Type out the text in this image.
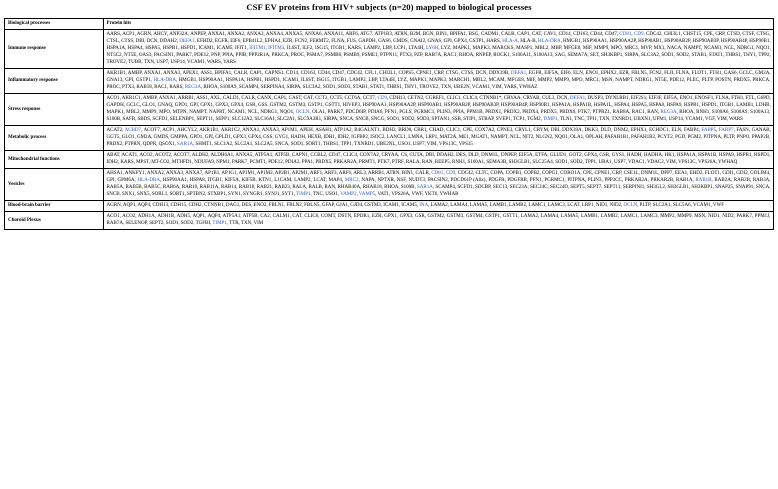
CSF EV proteins from HIV+ subjects (n=20) mapped to biological processes
Biological processes	Protein hits
Immune response	AARS, ACP1, AGRN, AHCY, ANP32A, ANPEP, ANXA1, ANXA2, ANXA3, ANXA4, ANXA5, ANXA6, ANXA11, ARF6, ATG7, ATP1B3, ATRN, B2M, BGN, BIN1, BPIFA1, BSG, CADM1, CALR, CAP1, CAT, CAV1, CD14, CD163, CD44, CD47, CD81, CD9, CDC42, CHI3L1, CHST15, CPE, CRP, CTSD, CTSF, CTSG, CTSL, CTSS, DBI, DCN, DDAH2, DEFA1, EFHD2, EGFR, EIF6, EPB41L2, EPHA4, EZR, FCN2, FERMT2, FLNA, FUS, GAPDH, GAS6, GMDS, GNAI2, GNAS, GPI, GPX4, GSTP1, HARS, HLA-A, HLA-B, HLA-DRA, HMGB1, HSP90AA1, HSP90AA2P, HSP90AB1, HSP90AB2P, HSP90AB3P, HSP90AB4P, HSP90B1, HSPA1A, HSPA4, HSPA5, HSPB1, HSPD1, ICAM1, ICAM5, IFIT1, IFITM1, IFITM3, IL6ST, ILF2, ISG15, ITGB1, KARS, LAMP2, LBP, LCP1, LTA4H, LY6H, LYZ, MAPK1, MAPK3, MARCKS, MASP1, MBL2, MBP, MFGE8, MIF, MMP9, MPO, MRC1, MVP, MX1, NACA, NAMPT, NCAM1, NCL, NDRG1, NQO1, NT5C2, NT5E, OAS3, PACSIN1, PARK7, PDE12, PNP, PPIA, PPIB, PPP2R1A, PRKCA, PROC, PSMA7, PSMB8, PSMB9, PSME1, PTPN11, PTX3, PZP, RAB7A, RAC1, RHOA, RNPEP, ROCK1, S100A11, S100A13, SAG, SEMA7A, SET, SH3KBP1, SIRPA, SLC3A2, SOD1, SOD2, STAB1, STAT1, THBS1, THY1, TPP2, TROVE2, TUBB, TXN, USP7, USP14, VCAM1, WARS, YARS

Inflammatory response	AKR1B1, AMBP, ANXA1, ANXA3, APEX1, ASS1, BPIFA1, CALR, CAP1, CAPNS1, CD14, CD163, CD44, CD47, CDC42, CFL1, CHI3L1, COPS5, CPNE1, CRP, CTSG, CTSS, DCN, DDX39B, DEFA1, EGFR, EIF5A, EIF6, ELN, ENO1, EPHX2, EZR, FBLN5, FCN2, FLII, FLNA, FLOT1, FTH1, GAS6, GCLC, GM2A, GNA13, GPI, GSTP1, HLA-DRA, HMGB1, HSP90AA1, HSPA1A, HSPB1, HSPD1, ICAM1, IL6ST, ISG15, ITGB1, LAMP2, LBP, LTA4H, LYZ, MAPK1, MAPK3, MARCH1, MBL2, MCAM, MFGE8, MIF, MMP2, MMP9, MPO, MRC1, MSN, NAMPT, NDRG1, NT5E, PDE12, PLEC, PLTP, POSTN, PRDX5, PRKCA, PROC, PTX3, RAB18, RAC1, RARS, REG3A, RHOA, S100A9, SCAMP4, SERPINA4, SIRPA, SLC3A2, SOD1, SOD3, STAB1, STAT1, THBS1, THY1, TROVE2, TXN, UBE2N, VCAM1, VIM, YARS, YWHAZ

Stress response	ACO1, AKR1C1, AMBP, ANXA1, ARRB1, ASS1, AXL, CALD1, CALR, CANX, CAP1, CAST, CAT, CCT2, CCT5, CCT6A, CCT7, CD9, CDH13, CETN2, CGREF1, CLIC1, CLIC4, CTNNB1*, CRYAA, CRYAB, CUL3, DCN, DEFA1, DUSP3, DYNLRB1, EIF2S1, EIF3F, EIF5A, ENO1, ENOSF1, FLNA, FTH1, FTL, G6PD, GAPDH, GCLC, GLO1, GNAQ, GPD1, GPI, GPX1, GPX3, GPX4, GSR, GSS, GSTM2, GSTM3, GSTP1, GSTT1, HIVEP3, HSP90AA1, HSP90AA2P, HSP90AB1, HSP90AB2P, HSP90AB3P, HSP90AB4P, HSP90B1, HSPA1A, HSPA1B, HSPA1L, HSPA4, HSPA5, HSPA8, HSPA9, HSPB1, HSPD1, ITGB1, LAMB1, LDHB, MAPK1, MBL2, MMP9, MPO, MTPN, NAMPT, NAPRT, NCAM1, NCL, NDRG1, NQO1, OCLN, OLA1, PARK7, PDCD6IP, PDIA6, PFN1, PGLS, PGRMC1, PLIN3, PPIA, PPM1B, PRDX1, PRDX2, PRDX4, PRDX5, PRDX6, PTK7, PTPRZ1, RAB8A, RAC1, RAN, REG3A, RHOA, RNH1, S100A6, S100A9, S100A13, S100B, SAFB, SBDS, SCFD1, SELENBP1, SEPT11, SEPP1, SLC12A2, SLC16A1, SLC2A1, SLC9A3R1, SIRPA, SNCA, SNCB, SNCG, SOD1, SOD2, SOD3, SPTAN1, SSB, STIP1, STRAP, SVEP1, TCP1, TGM2, TIMP1, TLN1, TNC, TPI1, TXN, TXNRD1, UBXN1, UFM1, USP14, VCAM1, VGF, VIM, WARS

Metabolic process	ACAT2, ACBD7, ACOT7, ACP1, AHCYL2, AKR1B1, AKR1C2, ANXA1, ANXA3, AP1M1, APEH, ASAH1, ATP1A2, B4GALNT1, BDH2, BRD8, CBR1, CHAD, CLIC1, CPE, COX7A2, CPNE3, CRYL1, CRYM, DBI, DDX39A, DKK3, DLD, DNM2, EPHX1, ECHDC1, ELN, FABP4, FABP5, FABP7, FASN, GANAB, GGT5, GLO1, GM2A, GMDS, GMPPA, GPD1, GPI, GPLD1, GPX3, GPX4, GSS, GYG1, HADH, HEXB, IDH1, IDH2, IGFBP2, ISOC2, LANCL1, LMNA, LRP1, MAT2A, ME1, MGAT1, NAMPT, NCL, NIT2, NLGN2, NQO1, OLA1, OPLAH, PAFAH1B1, PAFAH1B2, PCYT2, PGD, PGM2, PITPNA, PLTP, PNPO, PPAP2B, PRDX2, PTPRN, QDPR, QSOX1, SAR1A, SHMT1, SLC1A2, SLC2A1, SLC2A5, SNCA, SOD1, SORT1, THBS1, TPP1, TXNRD1, UBE2NL, USO1, USP7, VIM, VPS13C, VPS35

Mitochondrial functions	ABAT, ACAT1, ACO2, ACOT2, ACOT7, ALDH2, ALDH6A1, ANXA5, ATP5A1, ATP5B, CAPN1, CCBL2, CD47, CLIC4, COX7A2, CRYAA, CS, CUTA, DBI, DDAH2, DES, DLD, DNM1L, DNPEP, EIF5A, ETFA, GLUD1, GOT2, GPX4, GSR, GYS1, HADH, HADHA, HK1, HSPA1A, HSPA1B, HSPA9, HSPB1, HSPD1, IDH2, KARS, MPST, MT-CO2, MTHFD1, NDUFA9, NPM1, PARK7, PCMT1, PDE12, PDIA3, PPA1, PRDX5, PRKAR2A, PRMT1, PTK7, PTRF, RALA, RAN, REEP5, RNH1, S100A1, SEMA3B, SH3GLB1, SLC25A4, SOD1, SOD2, TPP1, UBA1, USP7, VDAC1, VDAC2, VIM, VPS13C, VPS26A, YWHAQ

Vesicles	AHSA1, ANKFY1, ANXA2, ANXA3, ANXA7, AP1B1, AP1G1, AP1M1, AP1M2, AP2B1, AP2M1, ARF1, ARF3, ARF6, ARL3, ARRB1, ATRN, BIN1, CALR, CD81, CD9, CDC42, CLTC, COPA, COPB1, COPB2, COPG1, CORO1A, CPE, CPNE1, CRP, CSE1L, DNM1L, DPP7, EEA1, EHD2, FLOT1, GDI1, GDI2, GOLIM4, GPI, GPM6A, HLA-DRA, HSP90AA1, HSPA8, ITGB1, KIF5A, KIF5B, KTN1, L1CAM, LAMP2, LCAT, MAP4, MRC2, NAPA, NPTXR, NSF, NUDT3, PACSIN2, PDCD61P (Alix), PDGFR, PDGFRB, PFN1, PGRMC1, PITPNA, PLIN3, PPP3CC, PRKAR2A, PRKAR2B, RAB1A, RAB1B, RAB2A, RAB2B, RAB3A, RAB5A, RAB5B, RAB5C, RAB6A, RAB10, RAB11A, RAB14, RAB18, RAB21, RAB23, RALA, RALB, RAN, RHAB40A, RHAB18, RHOA, S100B, SAR1A, SCAMP4, SCFD1, SDCBP, SEC13, SEC23A, SEC24C, SEC24D, SEPT5, SEPT7, SEPT11, SERPINI1, SH3GL2, SH3GLB1, SH3KBP1, SNAP25, SNAP91, SNCA, SNCB, SNX1, SNX5, SORL1, SORT1, SPTBN2, STXBP1, SYN1, SYNGR1, SYNJ1, SYT1, TIMP1, TNC, USO1, VAMP2, VAMP5, VAT1, VPS26A, VWF, YKT6, YWHAB

Blood-brain barrier	AGRN, AQP1, AQP4, CDH13, CDH15, CDH2, CTNNB1, DAG1, DES, ENO2, FBLN1, FBLN2, FBLN5, GFAP, GJA1, GJD4, GSTM3, ICAM1, ICAM5, INA, LAMA2, LAMA4, LAMA5, LAMB1, LAMB2, LAMC1, LAMC3, LCAT, LRP1, NID1, NID2, OCLN, PLTP, SLC2A1, SLC5A6, VCAM1, VWF

Choroid Plexus	ACO1, ACO2, ADH1A, ADH1B, ADH5, AQP1, AQP4, ATP5A1, ATP5B, CA2, CALM1, CAT, CLIC6, COMT, DSTN, EPDR1, EZR, GPX1, GPX3, GSR, GSTM2, GSTM3, GSTM4, GSTP1, GSTT1, LAMA2, LAMA4, LAMA5, LAMB1, LAMB2, LAMC1, LAMC3, MMP2, MMP9, MSN, NID1, NID2, PARK7, PPM1J, RAB7A, SELENOP, SEPT2, SOD1, SOD2, TGFBI, TIMP1, TTR, TXN, VIM
